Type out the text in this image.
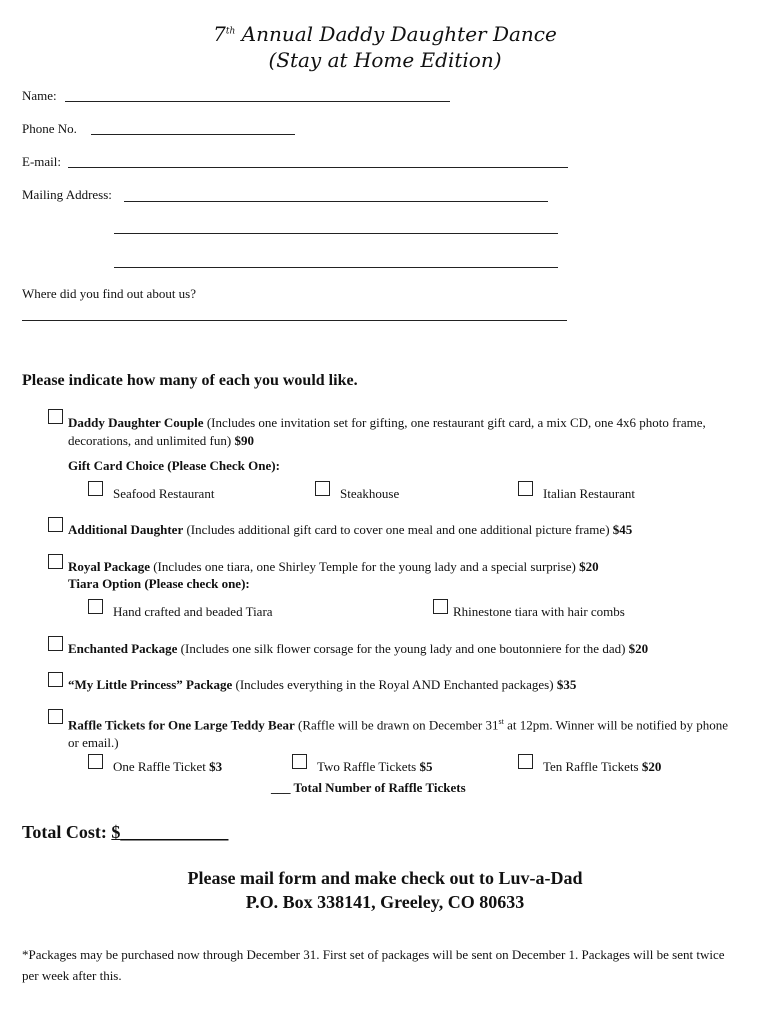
7th Annual Daddy Daughter Dance
(Stay at Home Edition)
Name:
Phone No.
E-mail:
Mailing Address:
Where did you find out about us?
Please indicate how many of each you would like.
Daddy Daughter Couple (Includes one invitation set for gifting, one restaurant gift card, a mix CD, one 4x6 photo frame, decorations, and unlimited fun) $90
Gift Card Choice (Please Check One):
Seafood Restaurant	Steakhouse	Italian Restaurant
Additional Daughter (Includes additional gift card to cover one meal and one additional picture frame) $45
Royal Package (Includes one tiara, one Shirley Temple for the young lady and a special surprise) $20
Tiara Option (Please check one):
Hand crafted and beaded Tiara	Rhinestone tiara with hair combs
Enchanted Package (Includes one silk flower corsage for the young lady and one boutonniere for the dad) $20
“My Little Princess” Package (Includes everything in the Royal AND Enchanted packages) $35
Raffle Tickets for One Large Teddy Bear (Raffle will be drawn on December 31st at 12pm. Winner will be notified by phone or email.)
One Raffle Ticket $3	Two Raffle Tickets $5	Ten Raffle Tickets $20
___ Total Number of Raffle Tickets
Total Cost: $____________
Please mail form and make check out to Luv-a-Dad
P.O. Box 338141, Greeley, CO 80633
*Packages may be purchased now through December 31. First set of packages will be sent on December 1. Packages will be sent twice per week after this.
